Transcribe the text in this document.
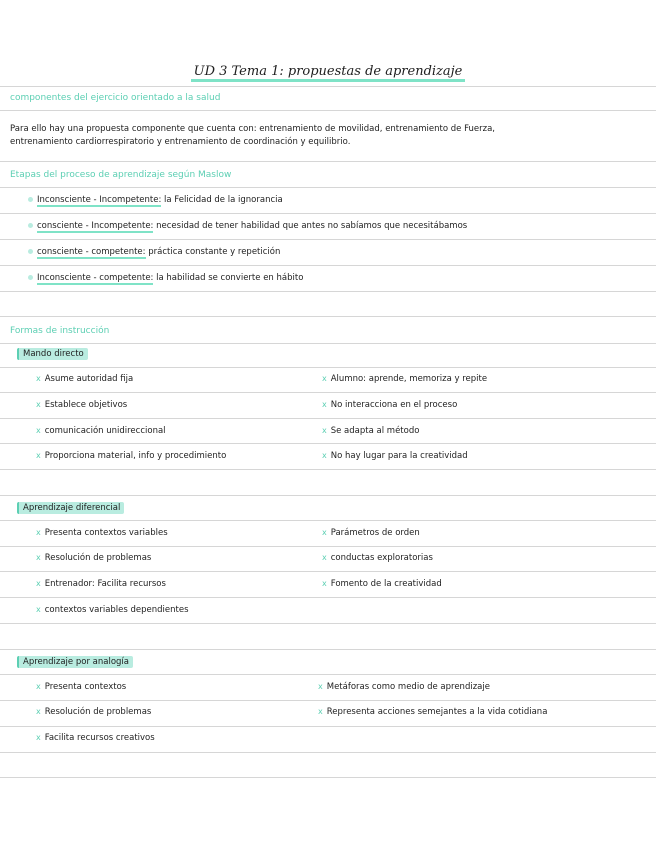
UD 3 Tema 1: propuestas de aprendizaje
componentes del ejercicio orientado a la salud
Para ello hay una propuesta componente que cuenta con: entrenamiento de movilidad, entrenamiento de Fuerza,
entrenamiento cardiorrespiratorio y entrenamiento de coordinación y equilibrio.
Etapas del proceso de aprendizaje según Maslow
Inconsciente - Incompetente: la Felicidad de la ignorancia
consciente - Incompetente: necesidad de tener habilidad que antes no sabíamos que necesitábamos
consciente - competente: práctica constante y repetición
Inconsciente - competente: la habilidad se convierte en hábito
Formas de instrucción
Mando directo
x Asume autoridad fija
x Establece objetivos
x comunicación unidireccional
x Proporciona material, info y procedimiento
x Alumno: aprende, memoriza y repite
x No interacciona en el proceso
x Se adapta al método
x No hay lugar para la creatividad
Aprendizaje diferencial
x Presenta contextos variables
x Resolución de problemas
x Entrenador: Facilita recursos
x contextos variables dependientes
x Parámetros de orden
x conductas exploratorias
x Fomento de la creatividad
Aprendizaje por analogía
x Presenta contextos
x Resolución de problemas
x Facilita recursos creativos
x Metáforas como medio de aprendizaje
x Representa acciones semejantes a la vida cotidiana
